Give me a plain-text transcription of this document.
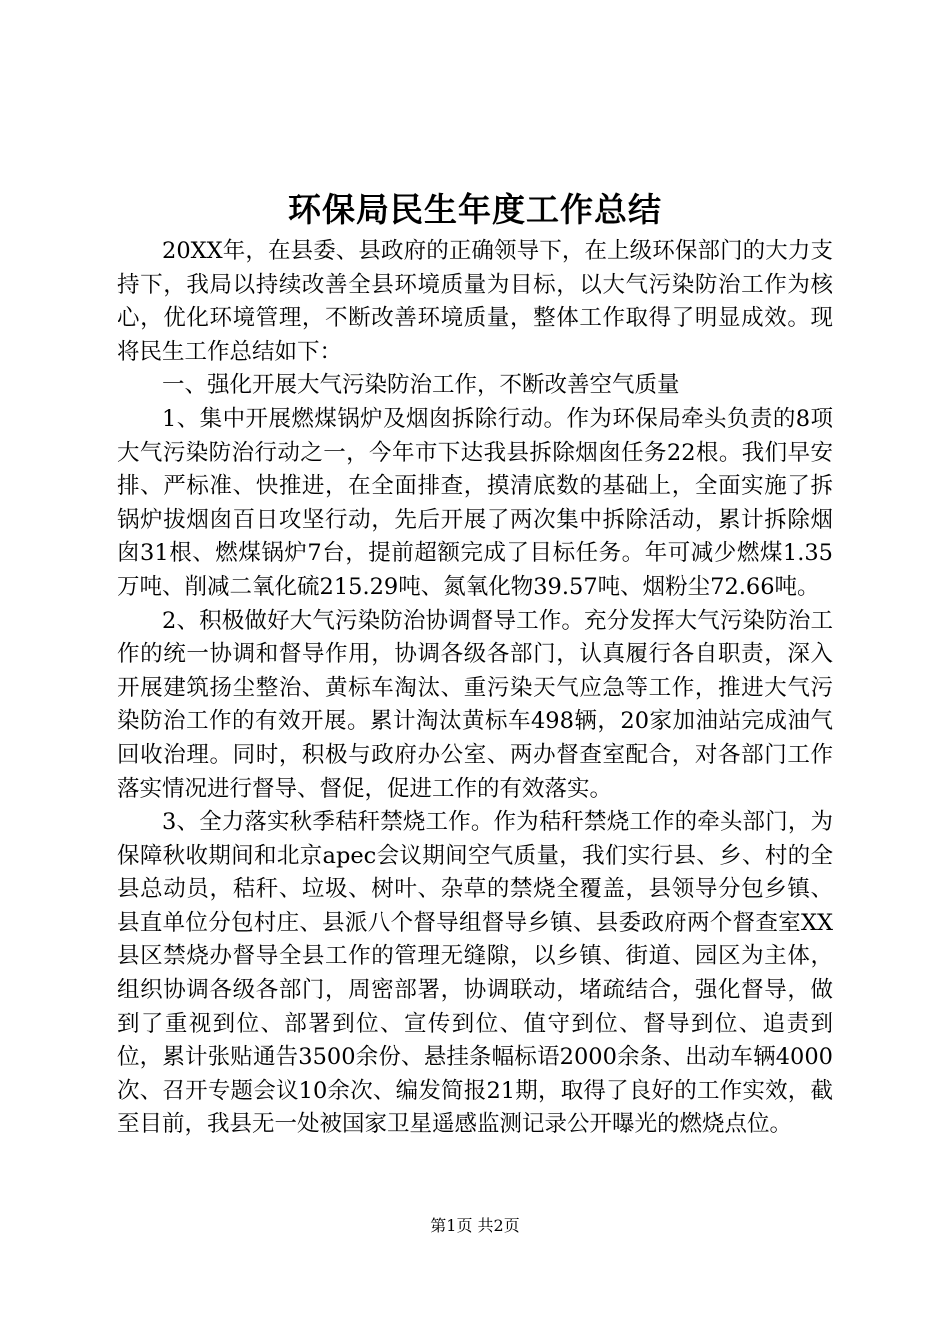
环保局民生年度工作总结

20XX年，在县委、县政府的正确领导下，在上级环保部门的大力支持下，我局以持续改善全县环境质量为目标，以大气污染防治工作为核心，优化环境管理，不断改善环境质量，整体工作取得了明显成效。现将民生工作总结如下：

一、强化开展大气污染防治工作，不断改善空气质量

1、集中开展燃煤锅炉及烟囱拆除行动。作为环保局牵头负责的8项大气污染防治行动之一，今年市下达我县拆除烟囱任务22根。我们早安排、严标准、快推进，在全面排查，摸清底数的基础上，全面实施了拆锅炉拔烟囱百日攻坚行动，先后开展了两次集中拆除活动，累计拆除烟囱31根、燃煤锅炉7台，提前超额完成了目标任务。年可减少燃煤1.35万吨、削减二氧化硫215.29吨、氮氧化物39.57吨、烟粉尘72.66吨。

2、积极做好大气污染防治协调督导工作。充分发挥大气污染防治工作的统一协调和督导作用，协调各级各部门，认真履行各自职责，深入开展建筑扬尘整治、黄标车淘汰、重污染天气应急等工作，推进大气污染防治工作的有效开展。累计淘汰黄标车498辆，20家加油站完成油气回收治理。同时，积极与政府办公室、两办督查室配合，对各部门工作落实情况进行督导、督促，促进工作的有效落实。

3、全力落实秋季秸秆禁烧工作。作为秸秆禁烧工作的牵头部门，为保障秋收期间和北京apec会议期间空气质量，我们实行县、乡、村的全县总动员，秸秆、垃圾、树叶、杂草的禁烧全覆盖，县领导分包乡镇、县直单位分包村庄、县派八个督导组督导乡镇、县委政府两个督查室XX县区禁烧办督导全县工作的管理无缝隙，以乡镇、街道、园区为主体，组织协调各级各部门，周密部署，协调联动，堵疏结合，强化督导，做到了重视到位、部署到位、宣传到位、值守到位、督导到位、追责到位，累计张贴通告3500余份、悬挂条幅标语2000余条、出动车辆4000次、召开专题会议10余次、编发简报21期，取得了良好的工作实效，截至目前，我县无一处被国家卫星遥感监测记录公开曝光的燃烧点位。

第1页 共2页
